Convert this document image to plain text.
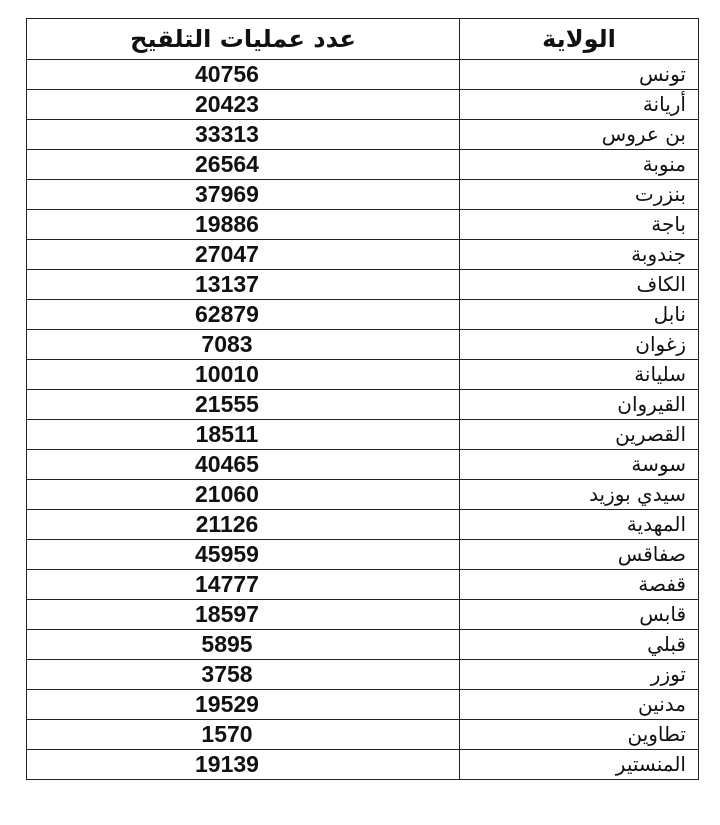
عدد عمليات التلقيح	الولاية
40756	تونس
20423	أريانة
33313	بن عروس
26564	منوبة
37969	بنزرت
19886	باجة
27047	جندوبة
13137	الكاف
62879	نابل
7083	زغوان
10010	سليانة
21555	القيروان
18511	القصرين
40465	سوسة
21060	سيدي بوزيد
21126	المهدية
45959	صفاقس
14777	قفصة
18597	قابس
5895	قبلي
3758	توزر
19529	مدنين
1570	تطاوين
19139	المنستير
